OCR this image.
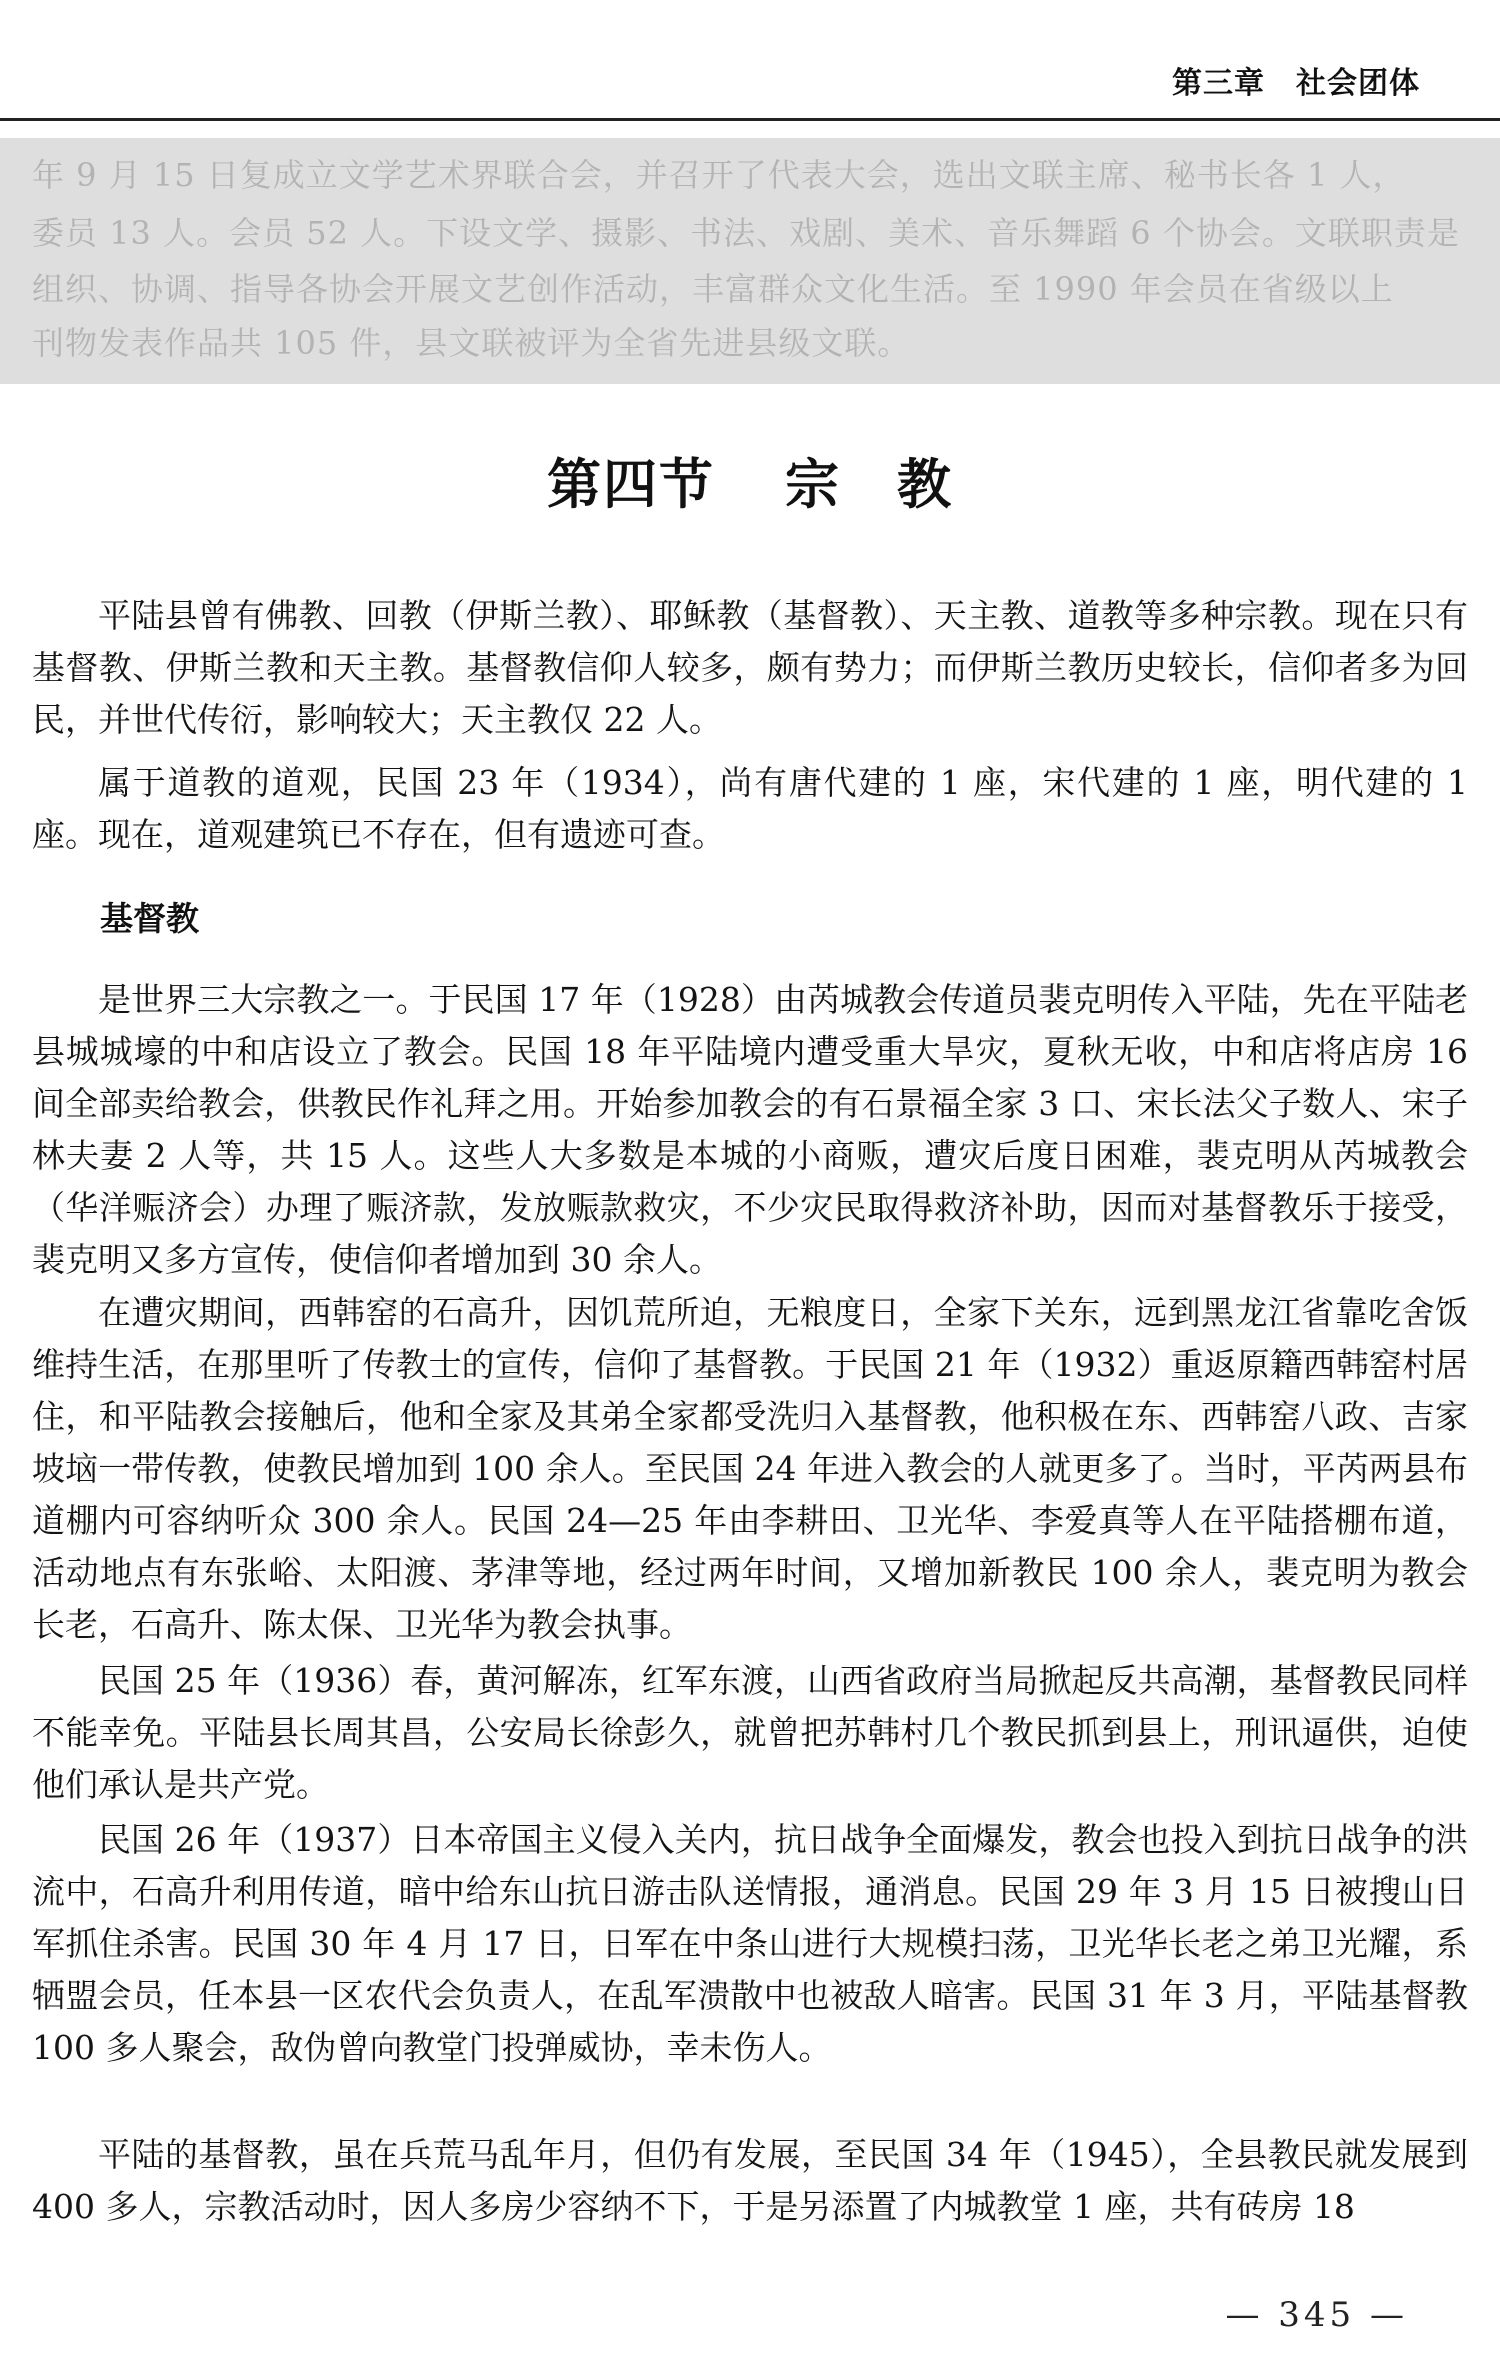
第三章　社会团体

年 9 月 15 日复成立文学艺术界联合会，并召开了代表大会，选出文联主席、秘书长各 1 人，

委员 13 人。会员 52 人。下设文学、摄影、书法、戏剧、美术、音乐舞蹈 6 个协会。文联职责是

组织、协调、指导各协会开展文艺创作活动，丰富群众文化生活。至 1990 年会员在省级以上

刊物发表作品共 105 件，县文联被评为全省先进县级文联。

第四节 宗　教

平陆县曾有佛教、回教（伊斯兰教）、耶稣教（基督教）、天主教、道教等多种宗教。现在只有基督教、伊斯兰教和天主教。基督教信仰人较多，颇有势力；而伊斯兰教历史较长，信仰者多为回民，并世代传衍，影响较大；天主教仅 22 人。

属于道教的道观，民国 23 年（1934），尚有唐代建的 1 座，宋代建的 1 座，明代建的 1 座。现在，道观建筑已不存在，但有遗迹可查。

基督教

是世界三大宗教之一。于民国 17 年（1928）由芮城教会传道员裴克明传入平陆，先在平陆老县城城壕的中和店设立了教会。民国 18 年平陆境内遭受重大旱灾，夏秋无收，中和店将店房 16 间全部卖给教会，供教民作礼拜之用。开始参加教会的有石景福全家 3 口、宋长法父子数人、宋子林夫妻 2 人等，共 15 人。这些人大多数是本城的小商贩，遭灾后度日困难，裴克明从芮城教会（华洋赈济会）办理了赈济款，发放赈款救灾，不少灾民取得救济补助，因而对基督教乐于接受，裴克明又多方宣传，使信仰者增加到 30 余人。

在遭灾期间，西韩窑的石高升，因饥荒所迫，无粮度日，全家下关东，远到黑龙江省靠吃舍饭维持生活，在那里听了传教士的宣传，信仰了基督教。于民国 21 年（1932）重返原籍西韩窑村居住，和平陆教会接触后，他和全家及其弟全家都受洗归入基督教，他积极在东、西韩窑八政、吉家坡垴一带传教，使教民增加到 100 余人。至民国 24 年进入教会的人就更多了。当时，平芮两县布道棚内可容纳听众 300 余人。民国 24—25 年由李耕田、卫光华、李爱真等人在平陆搭棚布道，活动地点有东张峪、太阳渡、茅津等地，经过两年时间，又增加新教民 100 余人，裴克明为教会长老，石高升、陈太保、卫光华为教会执事。

民国 25 年（1936）春，黄河解冻，红军东渡，山西省政府当局掀起反共高潮，基督教民同样不能幸免。平陆县长周其昌，公安局长徐彭久，就曾把苏韩村几个教民抓到县上，刑讯逼供，迫使他们承认是共产党。

民国 26 年（1937）日本帝国主义侵入关内，抗日战争全面爆发，教会也投入到抗日战争的洪流中，石高升利用传道，暗中给东山抗日游击队送情报，通消息。民国 29 年 3 月 15 日被搜山日军抓住杀害。民国 30 年 4 月 17 日，日军在中条山进行大规模扫荡，卫光华长老之弟卫光耀，系牺盟会员，任本县一区农代会负责人，在乱军溃散中也被敌人暗害。民国 31 年 3 月，平陆基督教 100 多人聚会，敌伪曾向教堂门投弹威协，幸未伤人。

平陆的基督教，虽在兵荒马乱年月，但仍有发展，至民国 34 年（1945），全县教民就发展到 400 多人，宗教活动时，因人多房少容纳不下，于是另添置了内城教堂 1 座，共有砖房 18

— 345 —
